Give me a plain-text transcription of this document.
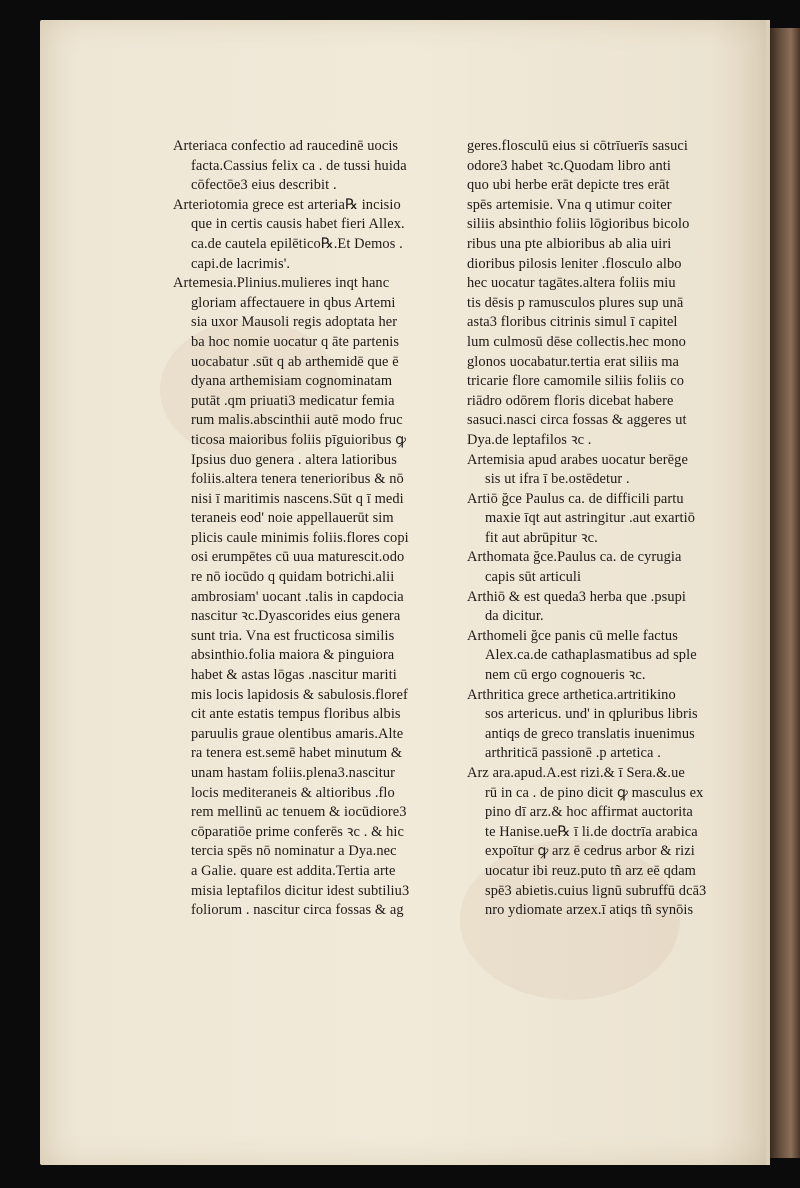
Arteriaca confectio ad raucedinē uocis
facta.Cassius felix ca . de tussi huida
cōfectōe3 eius describit .
Arteriotomia grece est arteria℞ incisio
que in certis causis habet fieri Allex.
ca.de cautela epilētico℞.Et Demos .
capi.de lacrimis'.
Artemesia.Plinius.mulieres inqt hanc
gloriam affectauere in qbus Artemi
sia uxor Mausoli regis adoptata her
ba hoc nomie uocatur q āte partenis
uocabatur .sūt q ab arthemidē que ē
dyana arthemisiam cognominatam
putāt .qm priuati3 medicatur femia
rum malis.abscinthii autē modo fruc
ticosa maioribus foliis pīguioribus ꝙ
Ipsius duo genera . altera latioribus
foliis.altera tenera tenerioribus & nō
nisi ī maritimis nascens.Sūt q ī medi
teraneis eod' noie appellauerūt sim
plicis caule minimis foliis.flores copi
osi erumpētes cū uua maturescit.odo
re nō iocūdo q quidam botrichi.alii
ambrosiam' uocant .talis in capdocia
nascitur ꝛc.Dyascorides eius genera
sunt tria. Vna est fructicosa similis
absinthio.folia maiora & pinguiora
habet & astas lōgas .nascitur mariti
mis locis lapidosis & sabulosis.floref
cit ante estatis tempus floribus albis
paruulis graue olentibus amaris.Alte
ra tenera est.semē habet minutum &
unam hastam foliis.plena3.nascitur
locis mediteraneis & altioribus .flo
rem mellinū ac tenuem & iocūdiore3
cōparatiōe prime conferēs ꝛc . & hic
tercia spēs nō nominatur a Dya.nec
a Galie. quare est addita.Tertia arte
misia leptafilos dicitur idest subtiliu3
foliorum . nascitur circa fossas & ag
geres.flosculū eius si cōtrīuerīs sasuci
odore3 habet ꝛc.Quodam libro anti
quo ubi herbe erāt depicte tres erāt
spēs artemisie. Vna q utimur coiter
siliis absinthio foliis lōgioribus bicolo
ribus una pte albioribus ab alia uiri
dioribus pilosis leniter .flosculo albo
hec uocatur tagātes.altera foliis miu
tis dēsis p ramusculos plures sup unā
asta3 floribus citrinis simul ī capitel
lum culmosū dēse collectis.hec mono
glonos uocabatur.tertia erat siliis ma
tricarie flore camomile siliis foliis co
riādro odōrem floris dicebat habere
sasuci.nasci circa fossas & aggeres ut
Dya.de leptafilos ꝛc .
Artemisia apud arabes uocatur berēge
sis ut ifra ī be.ostēdetur .
Artiō ğce Paulus ca. de difficili partu
maxie īqt aut astringitur .aut exartiō
fit aut abrūpitur ꝛc.
Arthomata ğce.Paulus ca. de cyrugia
capis sūt articuli
Arthiō & est queda3 herba que .psupi
da dicitur.
Arthomeli ğce panis cū melle factus
Alex.ca.de cathaplasmatibus ad sple
nem cū ergo cognoueris ꝛc.
Arthritica grece arthetica.artritikino
sos artericus. und' in qpluribus libris
antiqs de greco translatis inuenimus
arthriticā passionē .p artetica .
Arz ara.apud.A.est rizi.& ī Sera.&.ue
rū in ca . de pino dicit ꝙ masculus ex
pino dī arz.& hoc affirmat auctorita
te Hanise.ue℞ ī li.de doctrīa arabica
expoītur ꝙ arz ē cedrus arbor & rizi
uocatur ibi reuz.puto tñ arz eē qdam
spē3 abietis.cuius lignū subruffū dcā3
nro ydiomate arzex.ī atiqs tñ synōis
